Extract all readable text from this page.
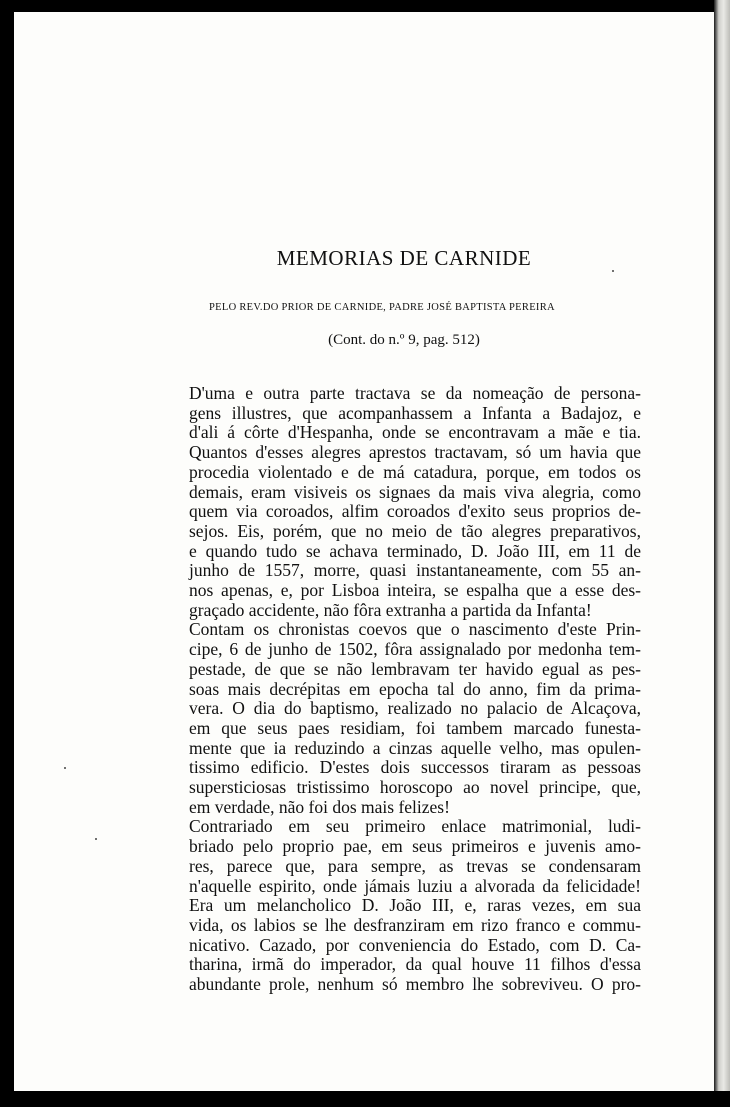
MEMORIAS DE CARNIDE
PELO REV.DO PRIOR DE CARNIDE, PADRE JOSÉ BAPTISTA PEREIRA
(Cont. do n.º 9, pag. 512)

D'uma e outra parte tractava se da nomeação de persona-
gens illustres, que acompanhassem a Infanta a Badajoz, e
d'ali á côrte d'Hespanha, onde se encontravam a mãe e tia.
Quantos d'esses alegres aprestos tractavam, só um havia que
procedia violentado e de má catadura, porque, em todos os
demais, eram visiveis os signaes da mais viva alegria, como
quem via coroados, alfim coroados d'exito seus proprios de-
sejos. Eis, porém, que no meio de tão alegres preparativos,
e quando tudo se achava terminado, D. João III, em 11 de
junho de 1557, morre, quasi instantaneamente, com 55 an-
nos apenas, e, por Lisboa inteira, se espalha que a esse des-
graçado accidente, não fôra extranha a partida da Infanta!

Contam os chronistas coevos que o nascimento d'este Prin-
cipe, 6 de junho de 1502, fôra assignalado por medonha tem-
pestade, de que se não lembravam ter havido egual as pes-
soas mais decrépitas em epocha tal do anno, fim da prima-
vera. O dia do baptismo, realizado no palacio de Alcaçova,
em que seus paes residiam, foi tambem marcado funesta-
mente que ia reduzindo a cinzas aquelle velho, mas opulen-
tissimo edificio. D'estes dois successos tiraram as pessoas
supersticiosas tristissimo horoscopo ao novel principe, que,
em verdade, não foi dos mais felizes!

Contrariado em seu primeiro enlace matrimonial, ludi-
briado pelo proprio pae, em seus primeiros e juvenis amo-
res, parece que, para sempre, as trevas se condensaram
n'aquelle espirito, onde jámais luziu a alvorada da felicidade!
Era um melancholico D. João III, e, raras vezes, em sua
vida, os labios se lhe desfranziram em rizo franco e commu-
nicativo. Cazado, por conveniencia do Estado, com D. Ca-
tharina, irmã do imperador, da qual houve 11 filhos d'essa
abundante prole, nenhum só membro lhe sobreviveu. O pro-
